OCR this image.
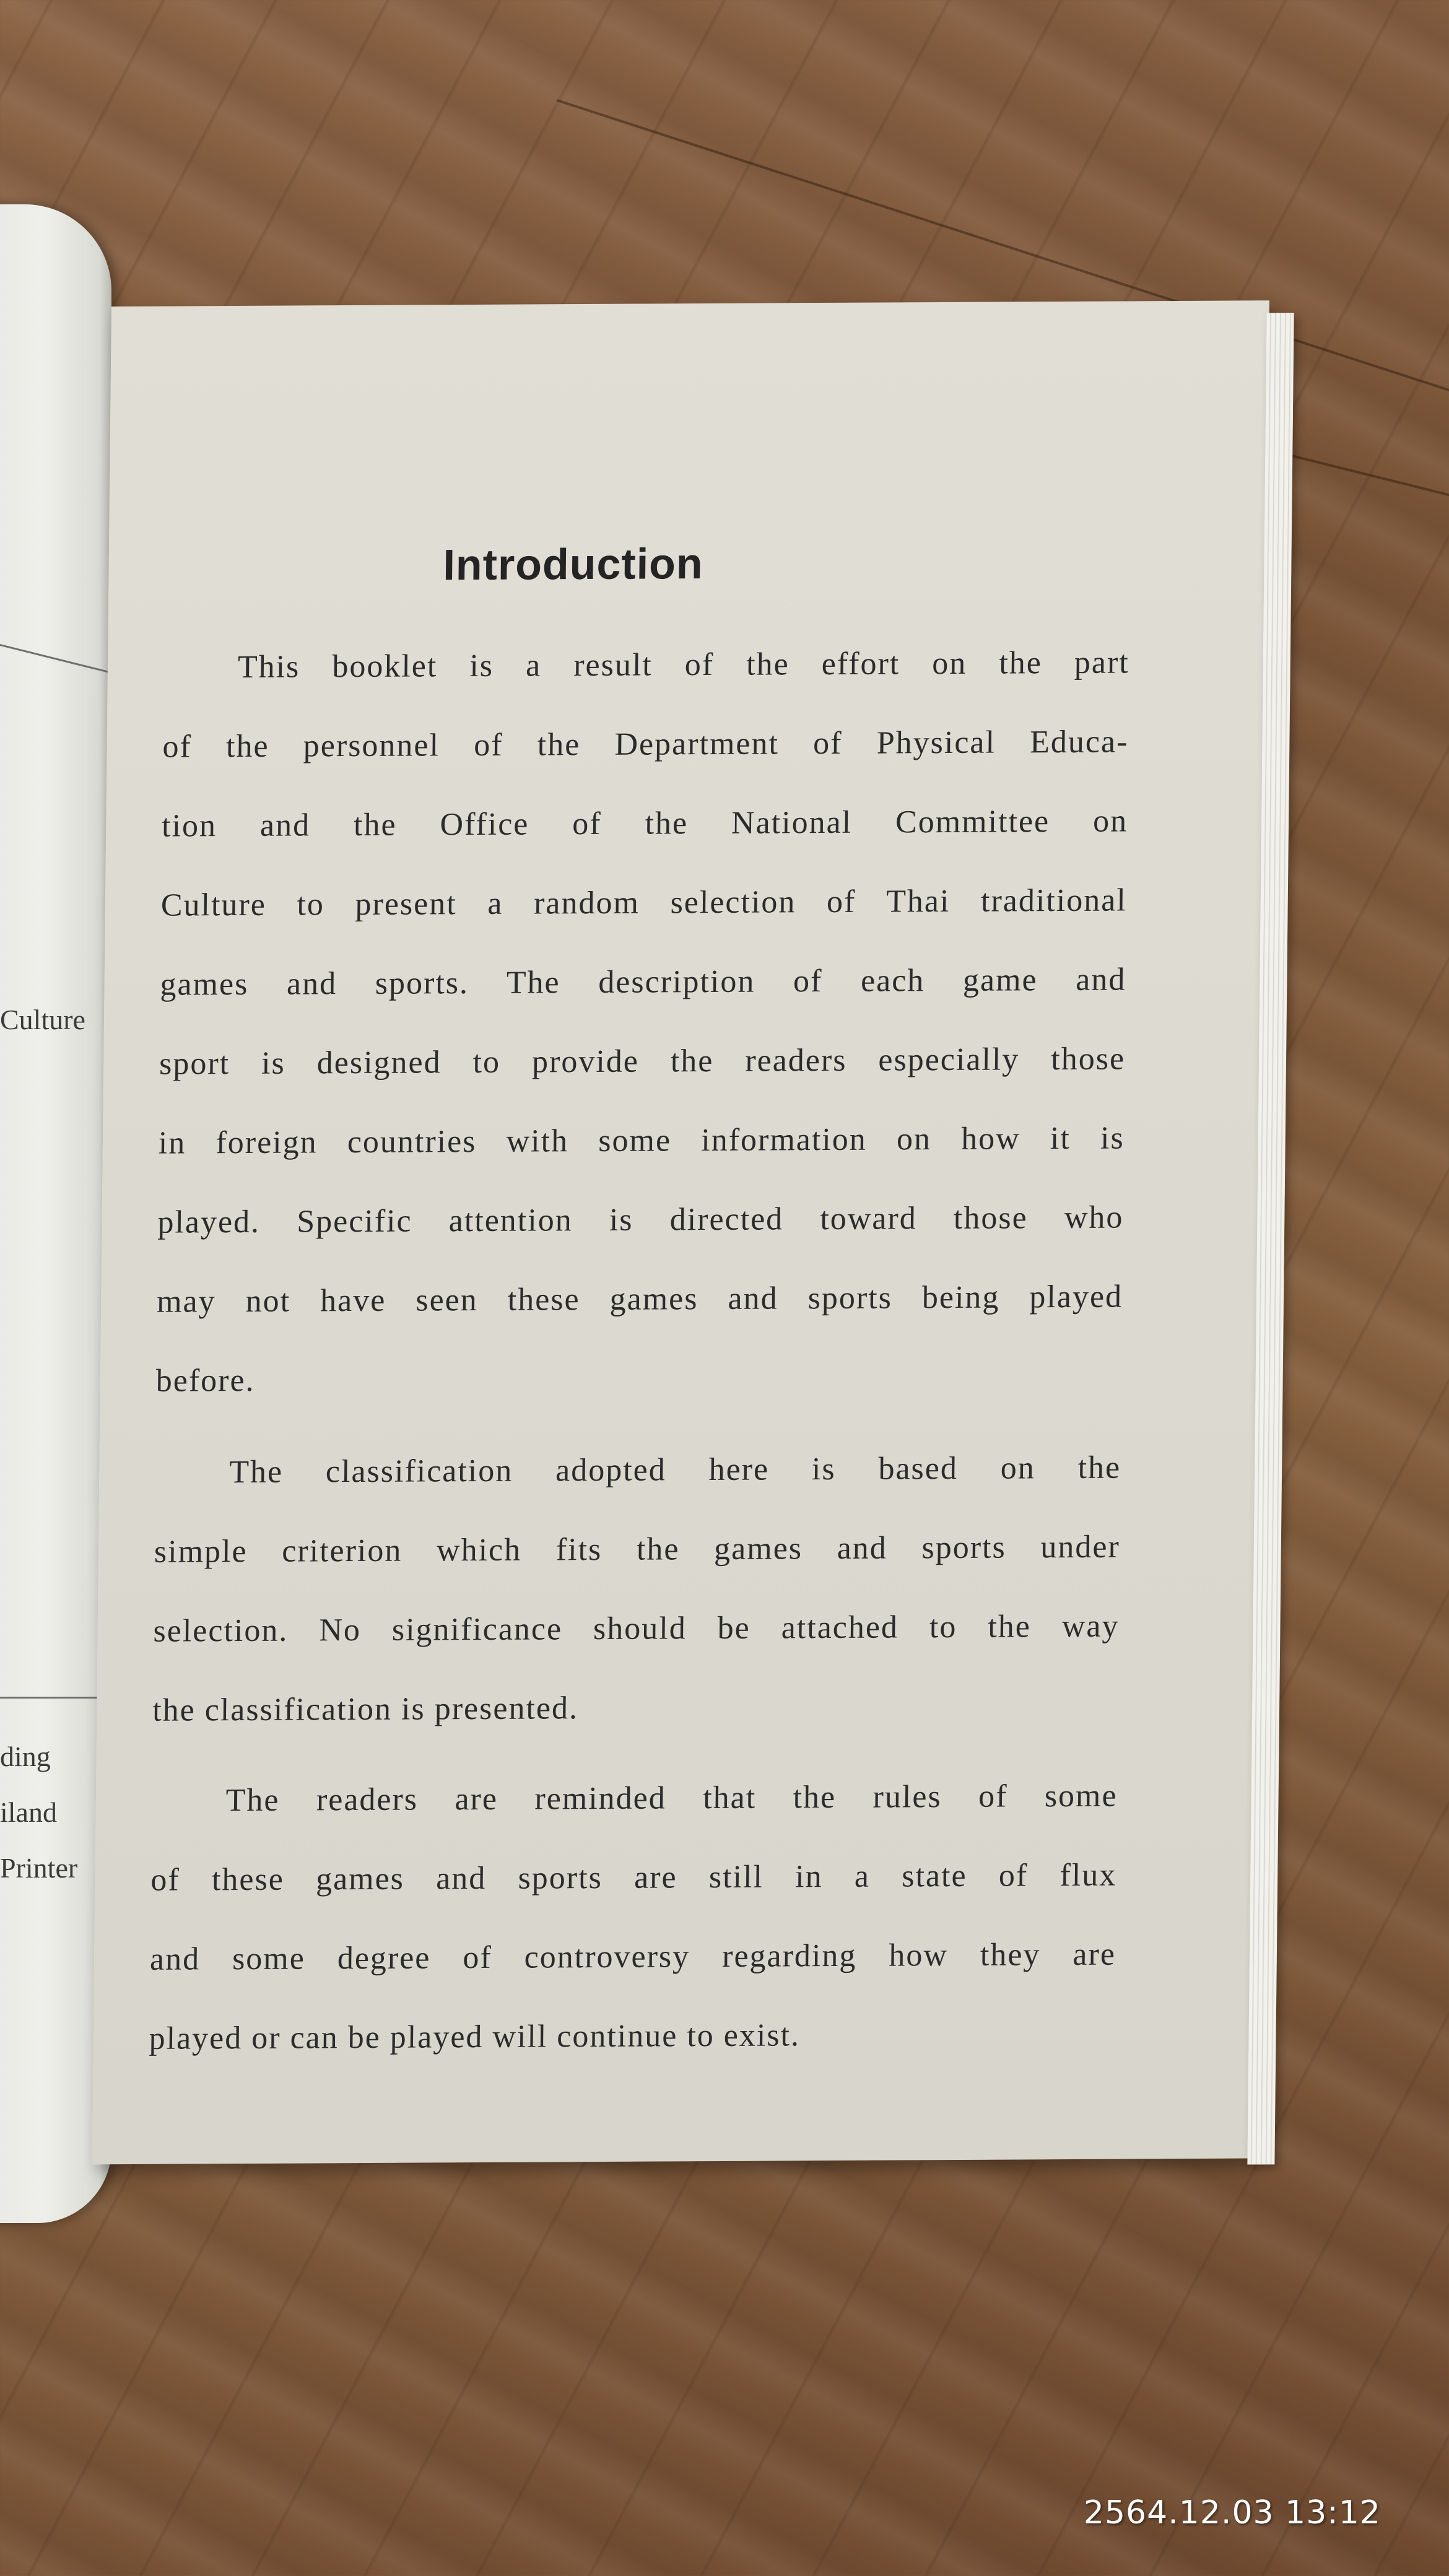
Culture
ding
iland
Printer
Introduction
This booklet is a result of the effort on the part
of the personnel of the Department of Physical Educa-
tion and the Office of the National Committee on
Culture to present a random selection of Thai traditional
games and sports. The description of each game and
sport is designed to provide the readers especially those
in foreign countries with some information on how it is
played. Specific attention is directed toward those who
may not have seen these games and sports being played
before.
The classification adopted here is based on the
simple criterion which fits the games and sports under
selection. No significance should be attached to the way
the classification is presented.
The readers are reminded that the rules of some
of these games and sports are still in a state of flux
and some degree of controversy regarding how they are
played or can be played will continue to exist.
2564.12.03 13:12
